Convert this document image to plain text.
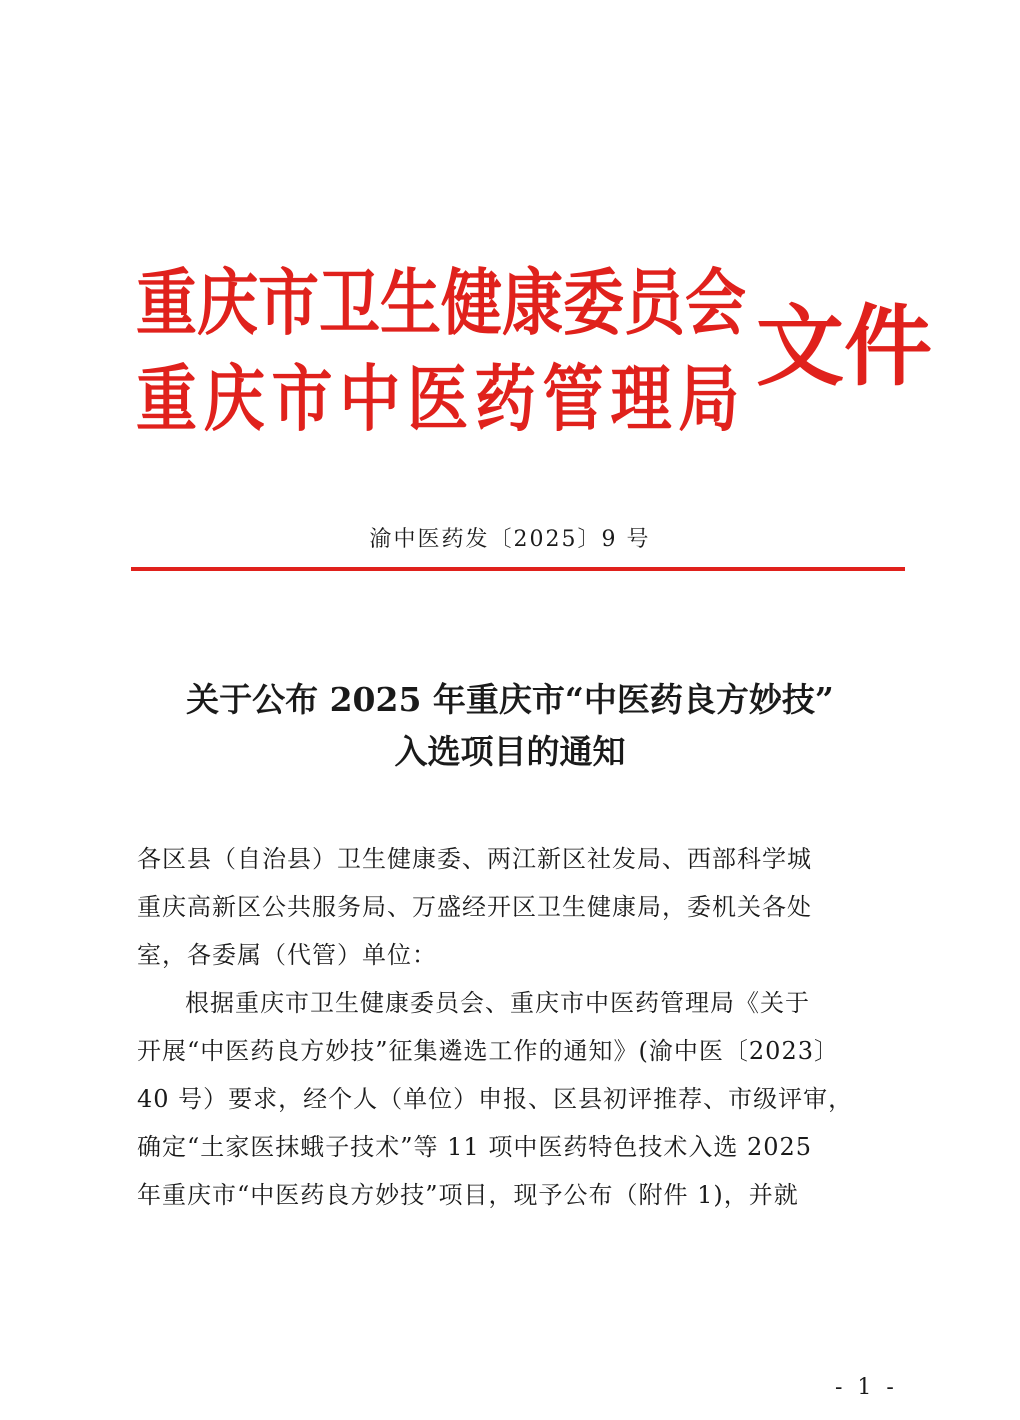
重庆市卫生健康委员会

重庆市中医药管理局

文件

渝中医药发〔2025〕9 号

关于公布 2025 年重庆市“中医药良方妙技”

入选项目的通知

各区县（自治县）卫生健康委、两江新区社发局、西部科学城

重庆高新区公共服务局、万盛经开区卫生健康局，委机关各处

室，各委属（代管）单位：

根据重庆市卫生健康委员会、重庆市中医药管理局《关于

开展“中医药良方妙技”征集遴选工作的通知》(渝中医〔2023〕

40 号）要求，经个人（单位）申报、区县初评推荐、市级评审，

确定“土家医抹蛾子技术”等 11 项中医药特色技术入选 2025

年重庆市“中医药良方妙技”项目，现予公布（附件 1)，并就

- 1 -
